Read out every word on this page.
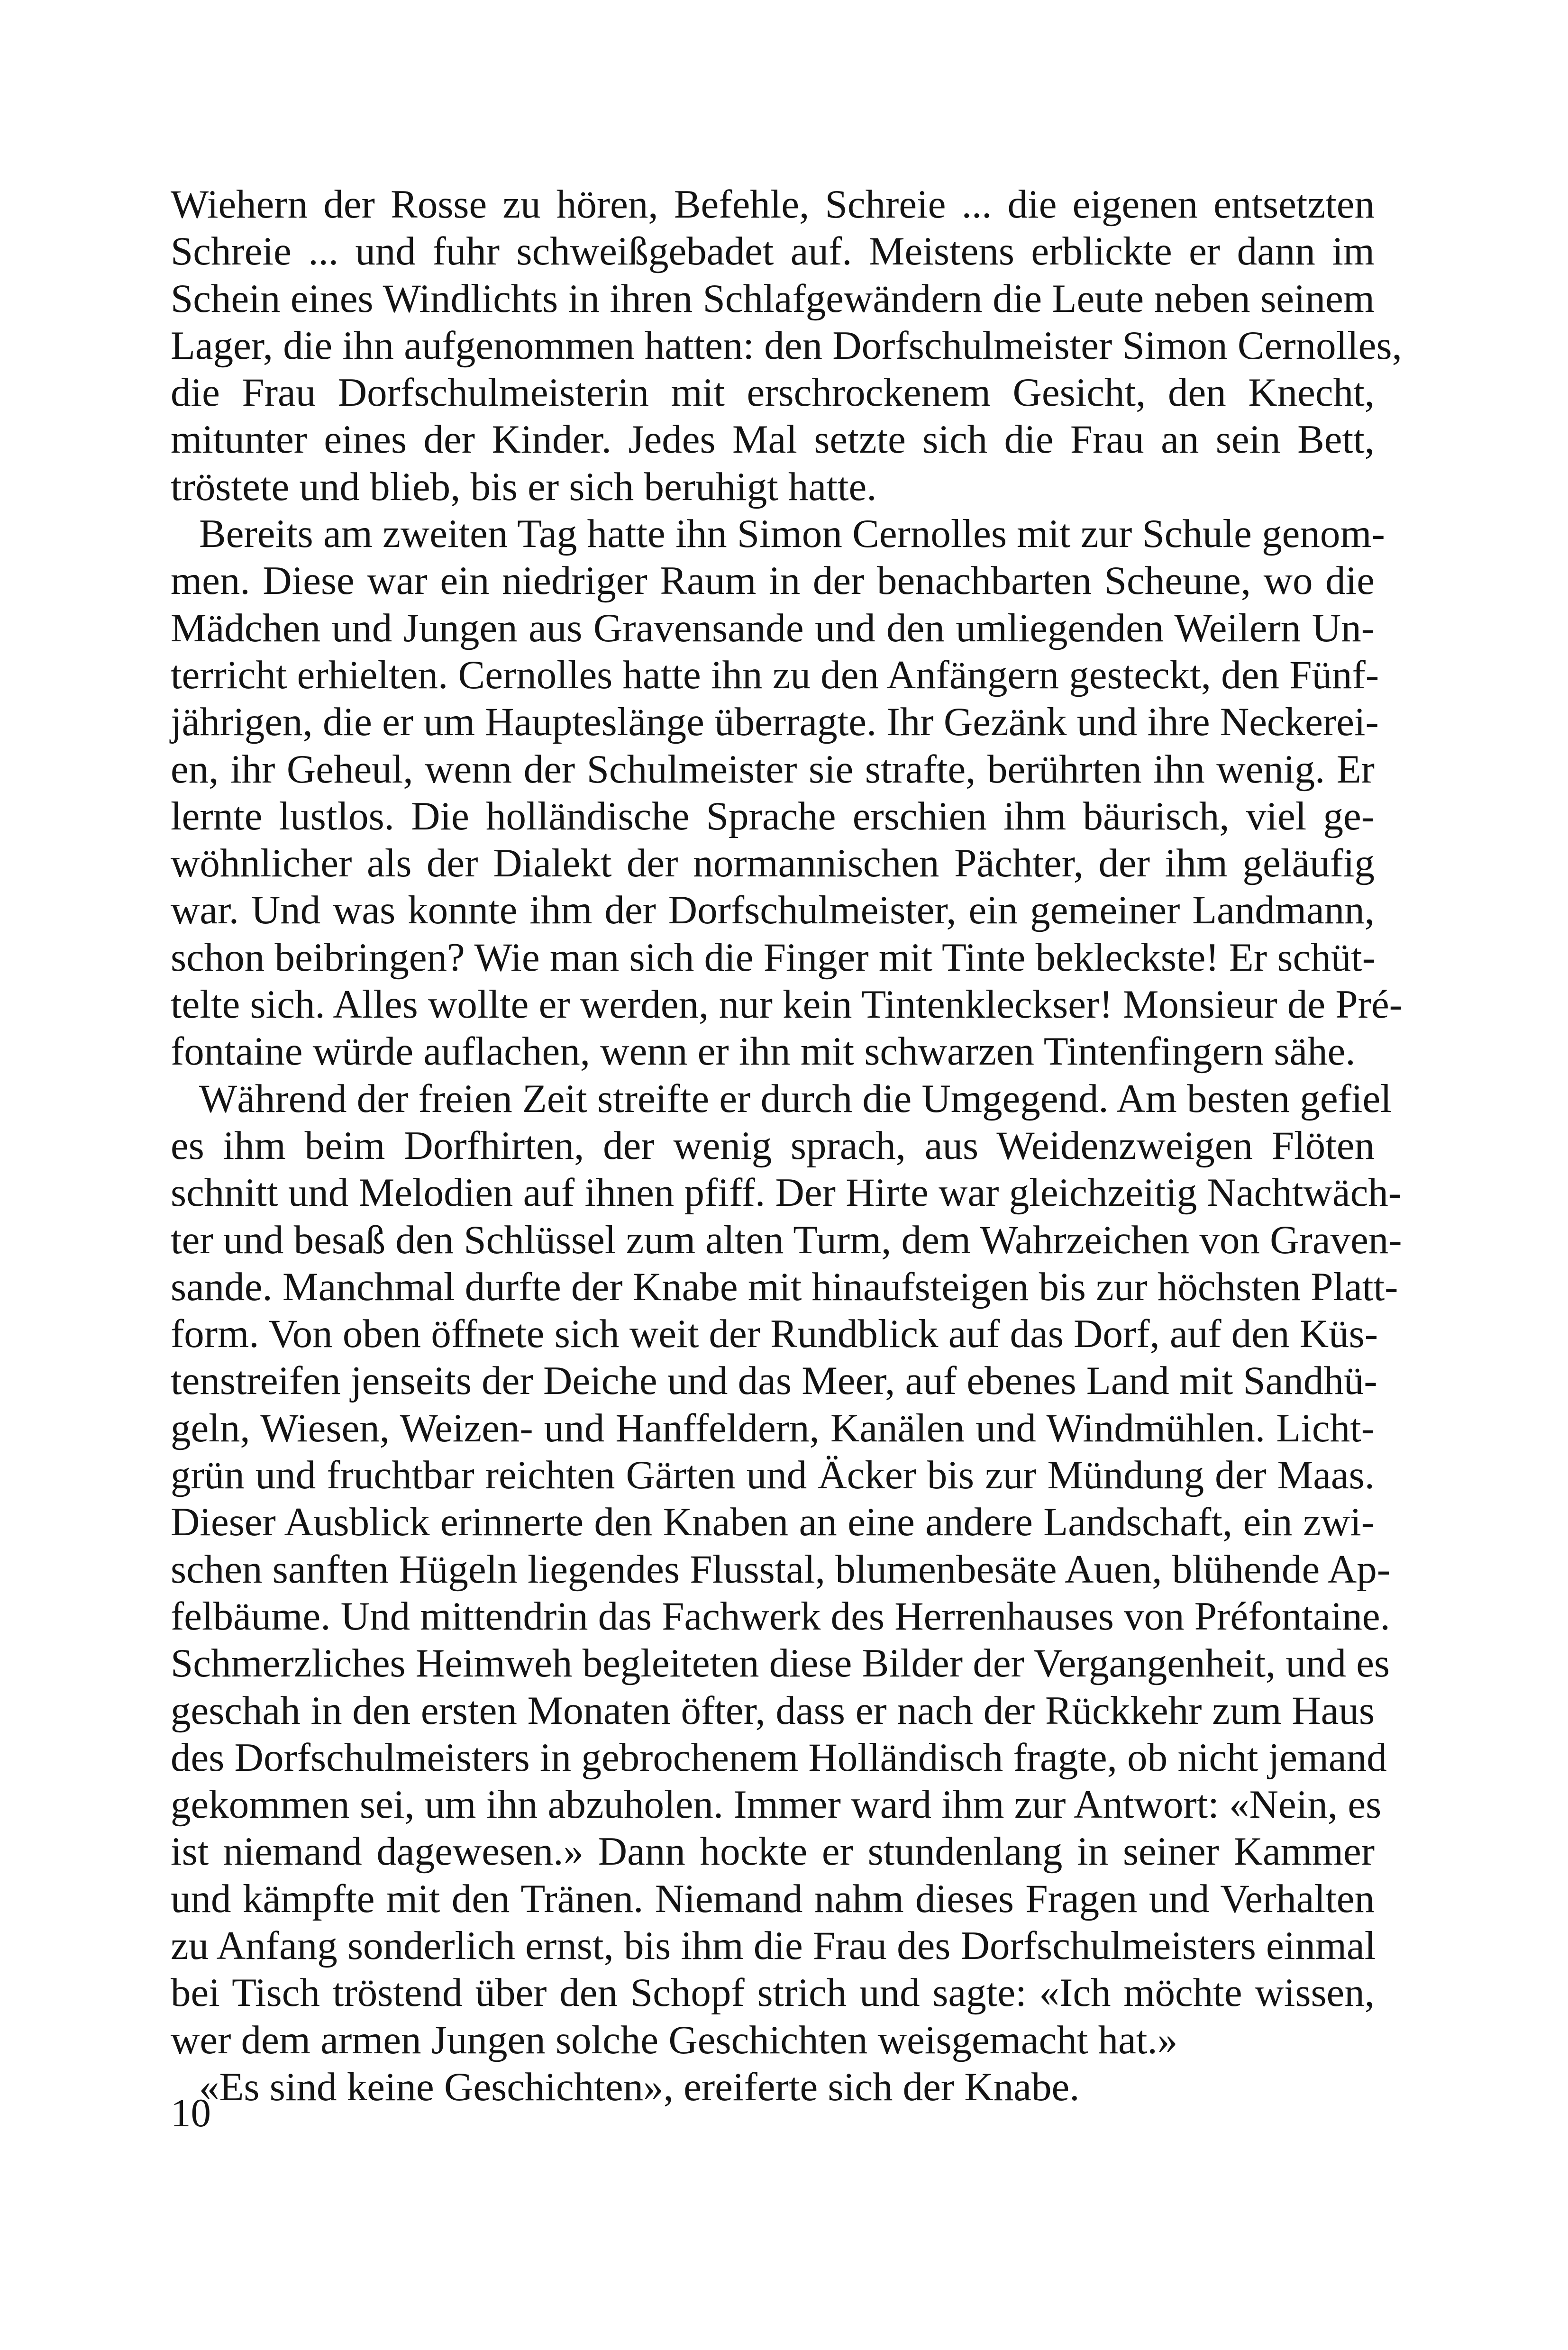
Wiehern der Rosse zu hören, Befehle, Schreie ... die eigenen entsetzten
Schreie ... und fuhr schweißgebadet auf. Meistens erblickte er dann im
Schein eines Windlichts in ihren Schlafgewändern die Leute neben seinem
Lager, die ihn aufgenommen hatten: den Dorfschulmeister Simon Cernolles,
die Frau Dorfschulmeisterin mit erschrockenem Gesicht, den Knecht,
mitunter eines der Kinder. Jedes Mal setzte sich die Frau an sein Bett,
tröstete und blieb, bis er sich beruhigt hatte.
Bereits am zweiten Tag hatte ihn Simon Cernolles mit zur Schule genom-
men. Diese war ein niedriger Raum in der benachbarten Scheune, wo die
Mädchen und Jungen aus Gravensande und den umliegenden Weilern Un-
terricht erhielten. Cernolles hatte ihn zu den Anfängern gesteckt, den Fünf-
jährigen, die er um Haupteslänge überragte. Ihr Gezänk und ihre Neckerei-
en, ihr Geheul, wenn der Schulmeister sie strafte, berührten ihn wenig. Er
lernte lustlos. Die holländische Sprache erschien ihm bäurisch, viel ge-
wöhnlicher als der Dialekt der normannischen Pächter, der ihm geläufig
war. Und was konnte ihm der Dorfschulmeister, ein gemeiner Landmann,
schon beibringen? Wie man sich die Finger mit Tinte bekleckste! Er schüt-
telte sich. Alles wollte er werden, nur kein Tintenkleckser! Monsieur de Pré-
fontaine würde auflachen, wenn er ihn mit schwarzen Tintenfingern sähe.
Während der freien Zeit streifte er durch die Umgegend. Am besten gefiel
es ihm beim Dorfhirten, der wenig sprach, aus Weidenzweigen Flöten
schnitt und Melodien auf ihnen pfiff. Der Hirte war gleichzeitig Nachtwäch-
ter und besaß den Schlüssel zum alten Turm, dem Wahrzeichen von Graven-
sande. Manchmal durfte der Knabe mit hinaufsteigen bis zur höchsten Platt-
form. Von oben öffnete sich weit der Rundblick auf das Dorf, auf den Küs-
tenstreifen jenseits der Deiche und das Meer, auf ebenes Land mit Sandhü-
geln, Wiesen, Weizen- und Hanffeldern, Kanälen und Windmühlen. Licht-
grün und fruchtbar reichten Gärten und Äcker bis zur Mündung der Maas.
Dieser Ausblick erinnerte den Knaben an eine andere Landschaft, ein zwi-
schen sanften Hügeln liegendes Flusstal, blumenbesäte Auen, blühende Ap-
felbäume. Und mittendrin das Fachwerk des Herrenhauses von Préfontaine.
Schmerzliches Heimweh begleiteten diese Bilder der Vergangenheit, und es
geschah in den ersten Monaten öfter, dass er nach der Rückkehr zum Haus
des Dorfschulmeisters in gebrochenem Holländisch fragte, ob nicht jemand
gekommen sei, um ihn abzuholen. Immer ward ihm zur Antwort: «Nein, es
ist niemand dagewesen.» Dann hockte er stundenlang in seiner Kammer
und kämpfte mit den Tränen. Niemand nahm dieses Fragen und Verhalten
zu Anfang sonderlich ernst, bis ihm die Frau des Dorfschulmeisters einmal
bei Tisch tröstend über den Schopf strich und sagte: «Ich möchte wissen,
wer dem armen Jungen solche Geschichten weisgemacht hat.»
«Es sind keine Geschichten», ereiferte sich der Knabe.
10
